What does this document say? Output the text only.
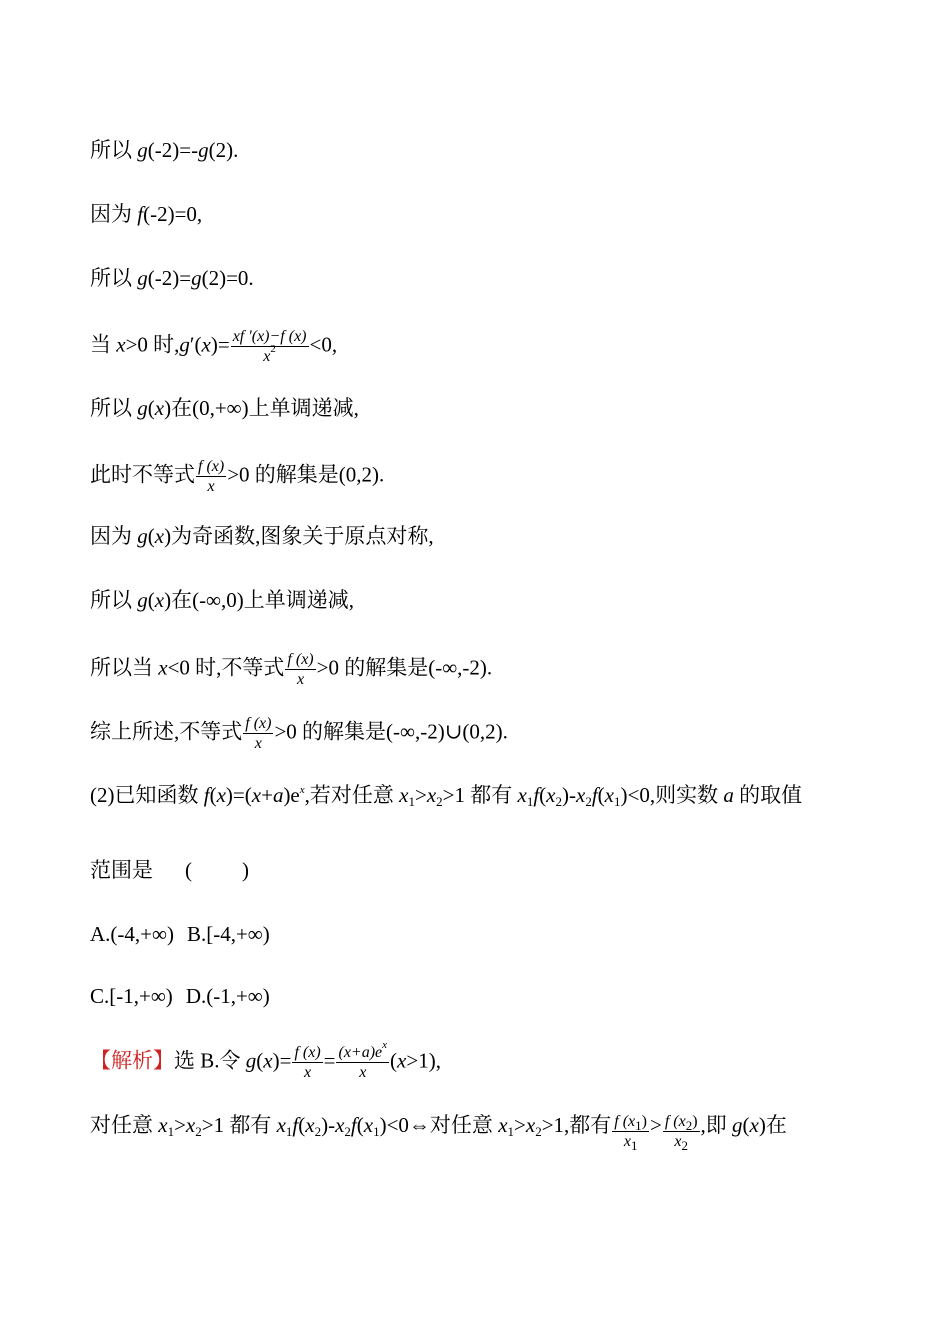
所以 g(-2)=-g(2).
因为 f(-2)=0,
所以 g(-2)=g(2)=0.
当 x>0 时$,g'(x)= \frac{xf '(x)-f (x)}{x^2} <0$,
所以 g(x)在(0,+∞)上单调递减,
此时不等式 $\frac{f (x)}{x} >0$ 的解集是(0,2).
因为 g(x)为奇函数,图象关于原点对称,
所以 g(x)在(-∞,0)上单调递减,
所以当 x<0 时,不等式 $\frac{f (x)}{x} >0$ 的解集是(-∞,-2).
综上所述,不等式 $\frac{f (x)}{x} >0$ 的解集是(-∞,-2)∪(0,2).
(2)已知函数 $f(x)=(x+a)e^x$,若对任意 $x_1>x_2>1$ 都有 $x_1f(x_2)-x_2f(x_1)<0$,则实数 a 的取值
范围是 ( )
A.(-4,+∞) B.[-4,+∞)
C.[-1,+∞) D.(-1,+∞)
【解析】选 B.令 $g(x)= \frac{f (x)}{x} = \frac{(x+a)e^x}{x} (x>1)$,
对任意 $x_1>x_2>1$ 都有 $x_1f(x_2)-x_2f(x_1)<0\Leftrightarrow$对任意 $x_1>x_2>1$,都有 $\frac{f (x_1)}{x_1} > \frac{f (x_2)}{x_2}$ ,即 g(x)在
